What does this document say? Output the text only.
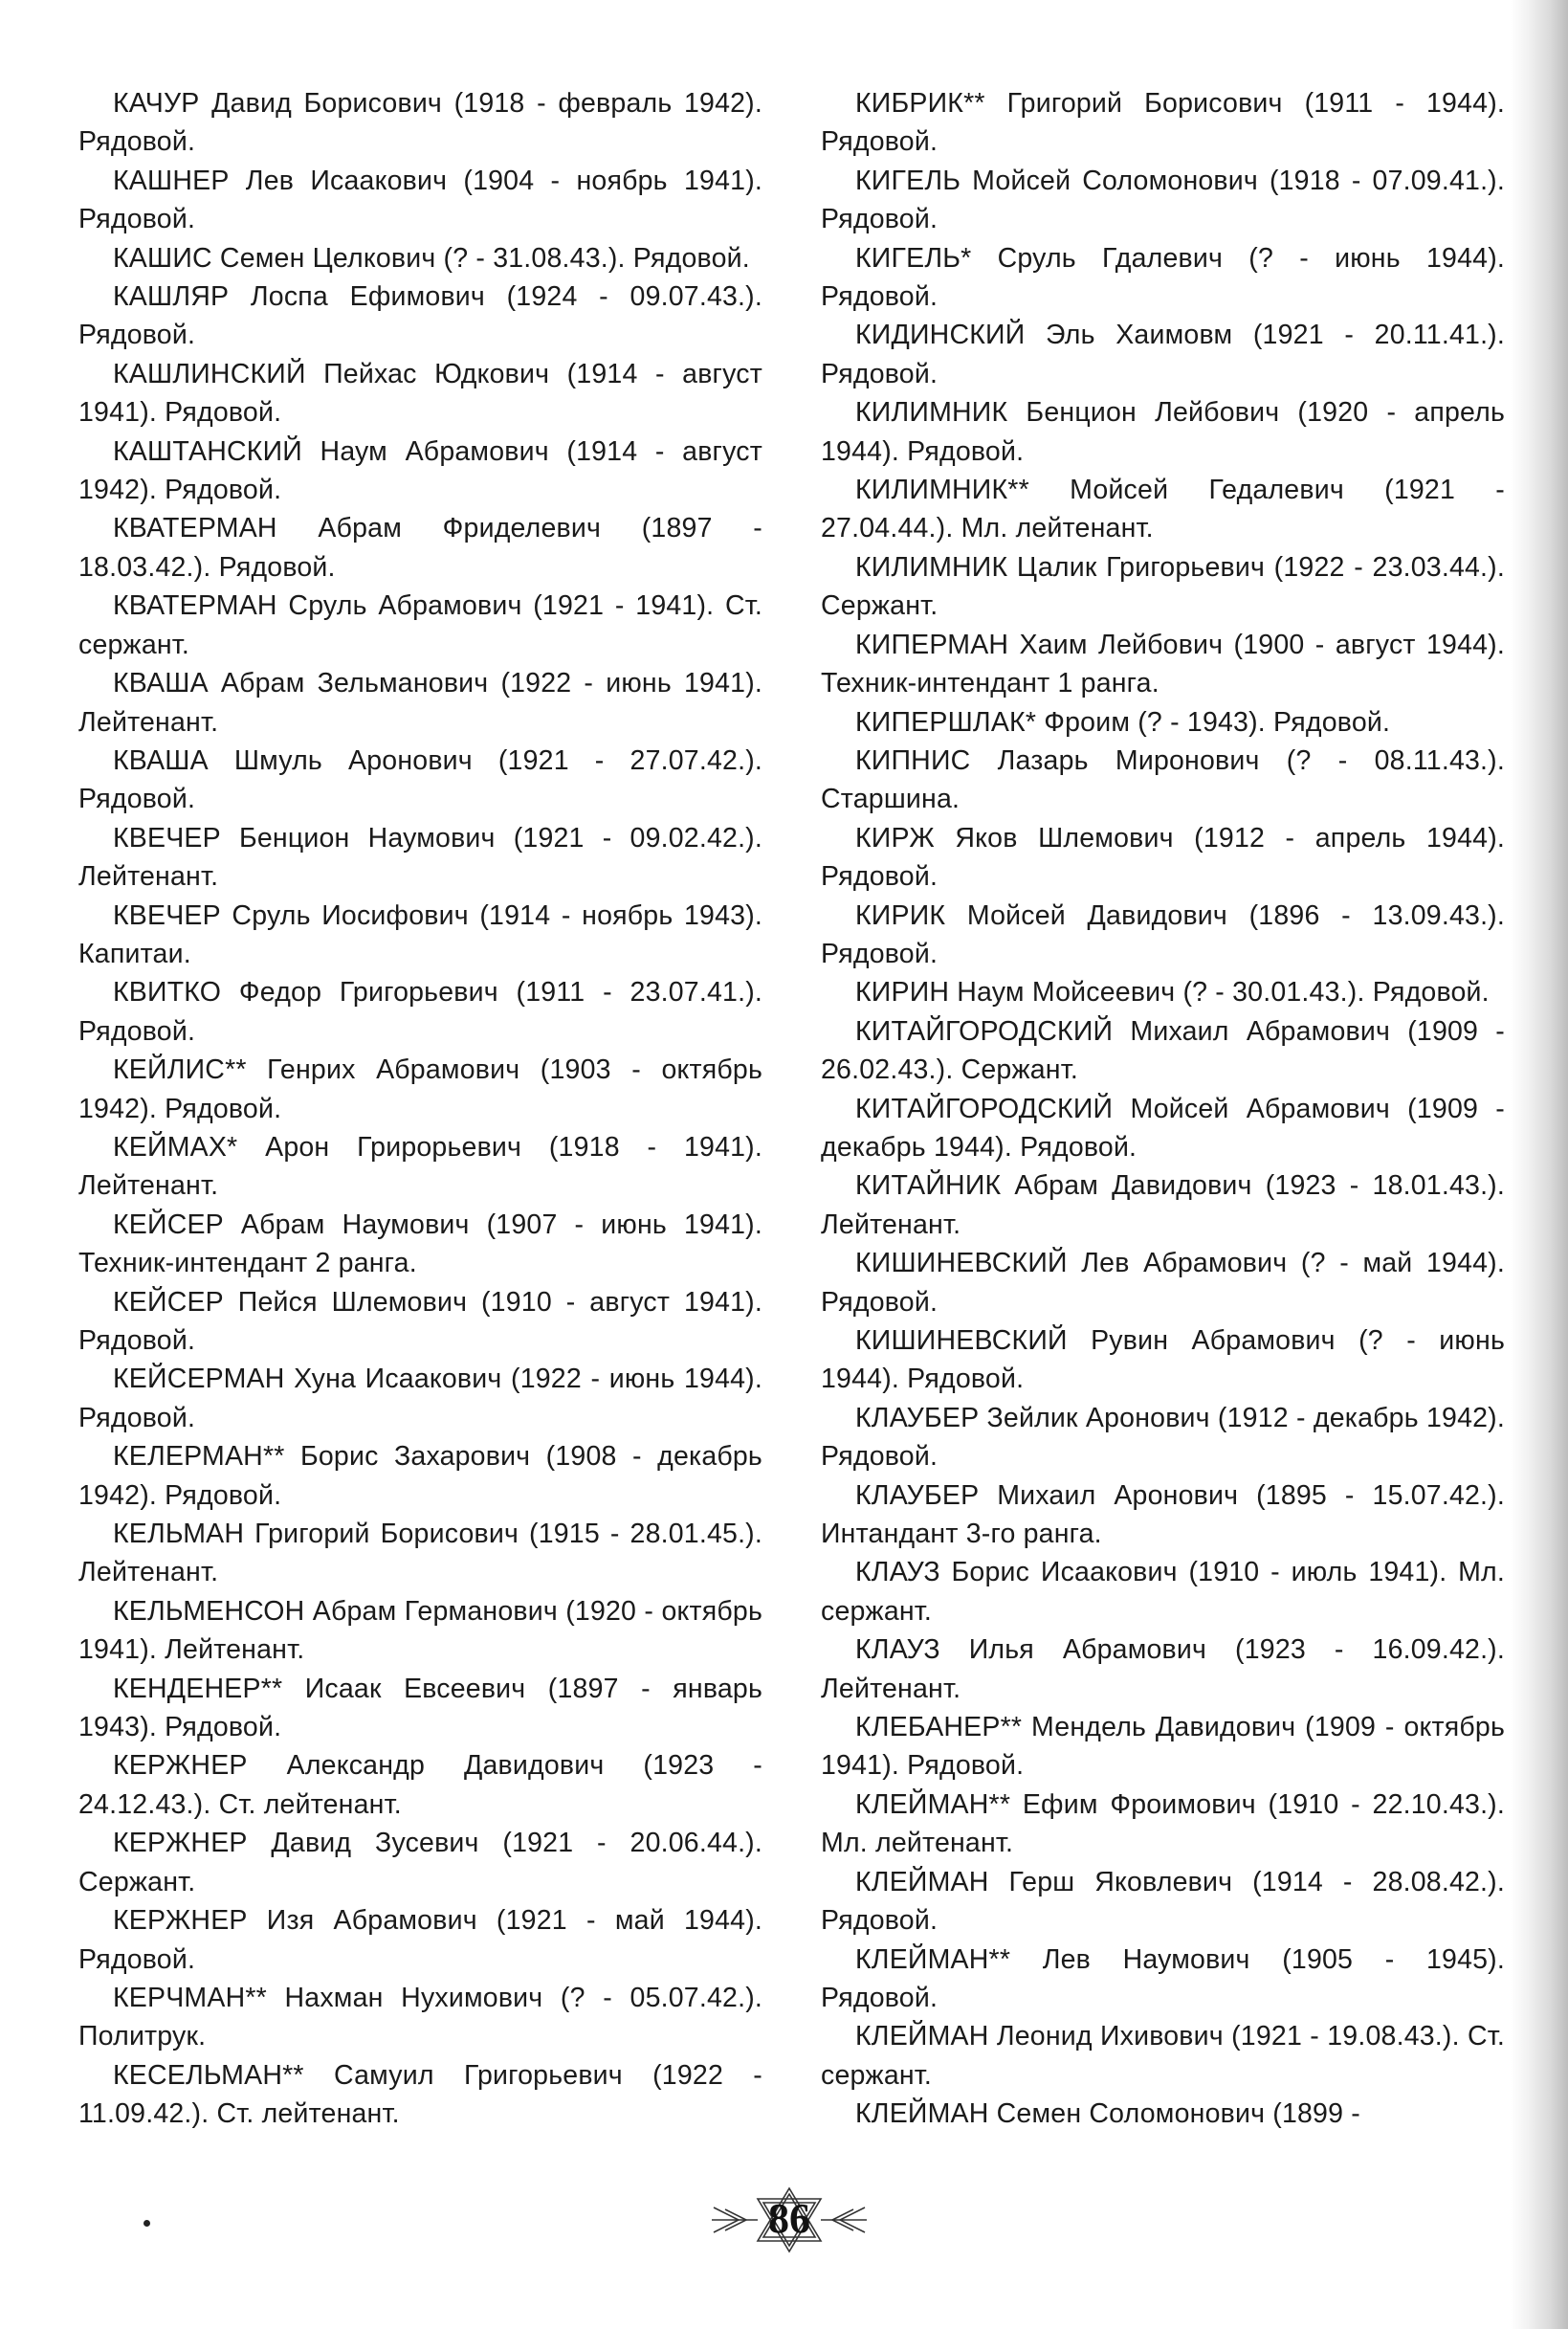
КАЧУР Давид Борисович (1918 - февраль 1942). Рядовой.

КАШНЕР Лев Исаакович (1904 - ноябрь 1941). Рядовой.

КАШИС Семен Целкович (? - 31.08.43.). Рядовой.

КАШЛЯР Лоспа Ефимович (1924 - 09.07.43.). Рядовой.

КАШЛИНСКИЙ Пейхас Юдкович (1914 - август 1941). Рядовой.

КАШТАНСКИЙ Наум Абрамович (1914 - август 1942). Рядовой.

КВАТЕРМАН Абрам Фриделевич (1897 - 18.03.42.). Рядовой.

КВАТЕРМАН Сруль Абрамович (1921 - 1941). Ст. сержант.

КВАША Абрам Зельманович (1922 - июнь 1941). Лейтенант.

КВАША Шмуль Аронович (1921 - 27.07.42.). Рядовой.

КВЕЧЕР Бенцион Наумович (1921 - 09.02.42.). Лейтенант.

КВЕЧЕР Сруль Иосифович (1914 - ноябрь 1943). Капитаи.

КВИТКО Федор Григорьевич (1911 - 23.07.41.). Рядовой.

КЕЙЛИС** Генрих Абрамович (1903 - октябрь 1942). Рядовой.

КЕЙМАХ* Арон Грирорьевич (1918 - 1941). Лейтенант.

КЕЙСЕР Абрам Наумович (1907 - июнь 1941). Техник-интендант 2 ранга.

КЕЙСЕР Пейся Шлемович (1910 - август 1941). Рядовой.

КЕЙСЕРМАН Хуна Исаакович (1922 - июнь 1944). Рядовой.

КЕЛЕРМАН** Борис Захарович (1908 - декабрь 1942). Рядовой.

КЕЛЬМАН Григорий Борисович (1915 - 28.01.45.). Лейтенант.

КЕЛЬМЕНСОН Абрам Германович (1920 - октябрь 1941). Лейтенант.

КЕНДЕНЕР** Исаак Евсеевич (1897 - январь 1943). Рядовой.

КЕРЖНЕР Александр Давидович (1923 - 24.12.43.). Ст. лейтенант.

КЕРЖНЕР Давид Зусевич (1921 - 20.06.44.). Сержант.

КЕРЖНЕР Изя Абрамович (1921 - май 1944). Рядовой.

КЕРЧМАН** Нахман Нухимович (? - 05.07.42.). Политрук.

КЕСЕЛЬМАН** Самуил Григорьевич (1922 - 11.09.42.). Ст. лейтенант.

КИБРИК** Григорий Борисович (1911 - 1944). Рядовой.

КИГЕЛЬ Мойсей Соломонович (1918 - 07.09.41.). Рядовой.

КИГЕЛЬ* Сруль Гдалевич (? - июнь 1944). Рядовой.

КИДИНСКИЙ Эль Хаимовм (1921 - 20.11.41.). Рядовой.

КИЛИМНИК Бенцион Лейбович (1920 - апрель 1944). Рядовой.

КИЛИМНИК** Мойсей Гедалевич (1921 - 27.04.44.). Мл. лейтенант.

КИЛИМНИК Цалик Григорьевич (1922 - 23.03.44.). Сержант.

КИПЕРМАН Хаим Лейбович (1900 - август 1944). Техник-интендант 1 ранга.

КИПЕРШЛАК* Фроим (? - 1943). Рядовой.

КИПНИС Лазарь Миронович (? - 08.11.43.). Старшина.

КИРЖ Яков Шлемович (1912 - апрель 1944). Рядовой.

КИРИК Мойсей Давидович (1896 - 13.09.43.). Рядовой.

КИРИН Наум Мойсеевич (? - 30.01.43.). Рядовой.

КИТАЙГОРОДСКИЙ Михаил Абрамович (1909 - 26.02.43.). Сержант.

КИТАЙГОРОДСКИЙ Мойсей Абрамович (1909 - декабрь 1944). Рядовой.

КИТАЙНИК Абрам Давидович (1923 - 18.01.43.). Лейтенант.

КИШИНЕВСКИЙ Лев Абрамович (? - май 1944). Рядовой.

КИШИНЕВСКИЙ Рувин Абрамович (? - июнь 1944). Рядовой.

КЛАУБЕР Зейлик Аронович (1912 - декабрь 1942). Рядовой.

КЛАУБЕР Михаил Аронович (1895 - 15.07.42.). Интандант 3-го ранга.

КЛАУЗ Борис Исаакович (1910 - июль 1941). Мл. сержант.

КЛАУЗ Илья Абрамович (1923 - 16.09.42.). Лейтенант.

КЛЕБАНЕР** Мендель Давидович (1909 - октябрь 1941). Рядовой.

КЛЕЙМАН** Ефим Фроимович (1910 - 22.10.43.). Мл. лейтенант.

КЛЕЙМАН Герш Яковлевич (1914 - 28.08.42.). Рядовой.

КЛЕЙМАН** Лев Наумович (1905 - 1945). Рядовой.

КЛЕЙМАН Леонид Ихивович (1921 - 19.08.43.). Ст. сержант.

КЛЕЙМАН Семен Соломонович (1899 -

86
